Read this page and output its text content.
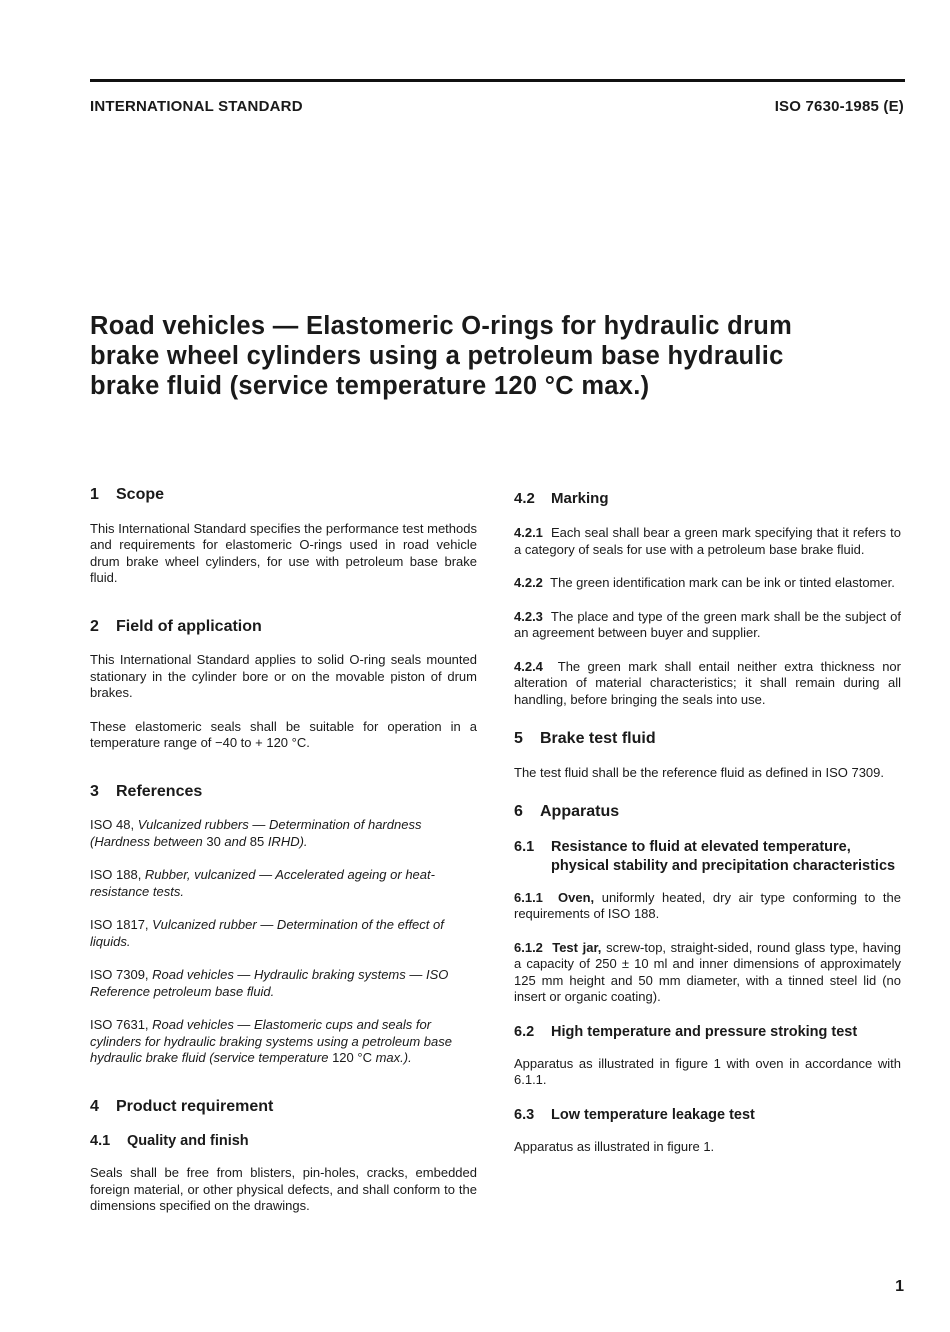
INTERNATIONAL STANDARD	ISO 7630-1985 (E)
Road vehicles — Elastomeric O-rings for hydraulic drum
brake wheel cylinders using a petroleum base hydraulic
brake fluid (service temperature 120 °C max.)
1 Scope
This International Standard specifies the performance test methods and requirements for elastomeric O-rings used in road vehicle drum brake wheel cylinders, for use with petroleum base brake fluid.
2 Field of application
This International Standard applies to solid O-ring seals mounted stationary in the cylinder bore or on the movable piston of drum brakes.
These elastomeric seals shall be suitable for operation in a temperature range of −40 to + 120 °C.
3 References
ISO 48, Vulcanized rubbers — Determination of hardness (Hardness between 30 and 85 IRHD).
ISO 188, Rubber, vulcanized — Accelerated ageing or heat-resistance tests.
ISO 1817, Vulcanized rubber — Determination of the effect of liquids.
ISO 7309, Road vehicles — Hydraulic braking systems — ISO Reference petroleum base fluid.
ISO 7631, Road vehicles — Elastomeric cups and seals for cylinders for hydraulic braking systems using a petroleum base hydraulic brake fluid (service temperature 120 °C max.).
4 Product requirement
4.1 Quality and finish
Seals shall be free from blisters, pin-holes, cracks, embedded foreign material, or other physical defects, and shall conform to the dimensions specified on the drawings.
4.2 Marking
4.2.1 Each seal shall bear a green mark specifying that it refers to a category of seals for use with a petroleum base brake fluid.
4.2.2 The green identification mark can be ink or tinted elastomer.
4.2.3 The place and type of the green mark shall be the subject of an agreement between buyer and supplier.
4.2.4 The green mark shall entail neither extra thickness nor alteration of material characteristics; it shall remain during all handling, before bringing the seals into use.
5 Brake test fluid
The test fluid shall be the reference fluid as defined in ISO 7309.
6 Apparatus
6.1	Resistance to fluid at elevated temperature, physical stability and precipitation characteristics
6.1.1 Oven, uniformly heated, dry air type conforming to the requirements of ISO 188.
6.1.2 Test jar, screw-top, straight-sided, round glass type, having a capacity of 250 ± 10 ml and inner dimensions of approximately 125 mm height and 50 mm diameter, with a tinned steel lid (no insert or organic coating).
6.2 High temperature and pressure stroking test
Apparatus as illustrated in figure 1 with oven in accordance with 6.1.1.
6.3 Low temperature leakage test
Apparatus as illustrated in figure 1.
1
